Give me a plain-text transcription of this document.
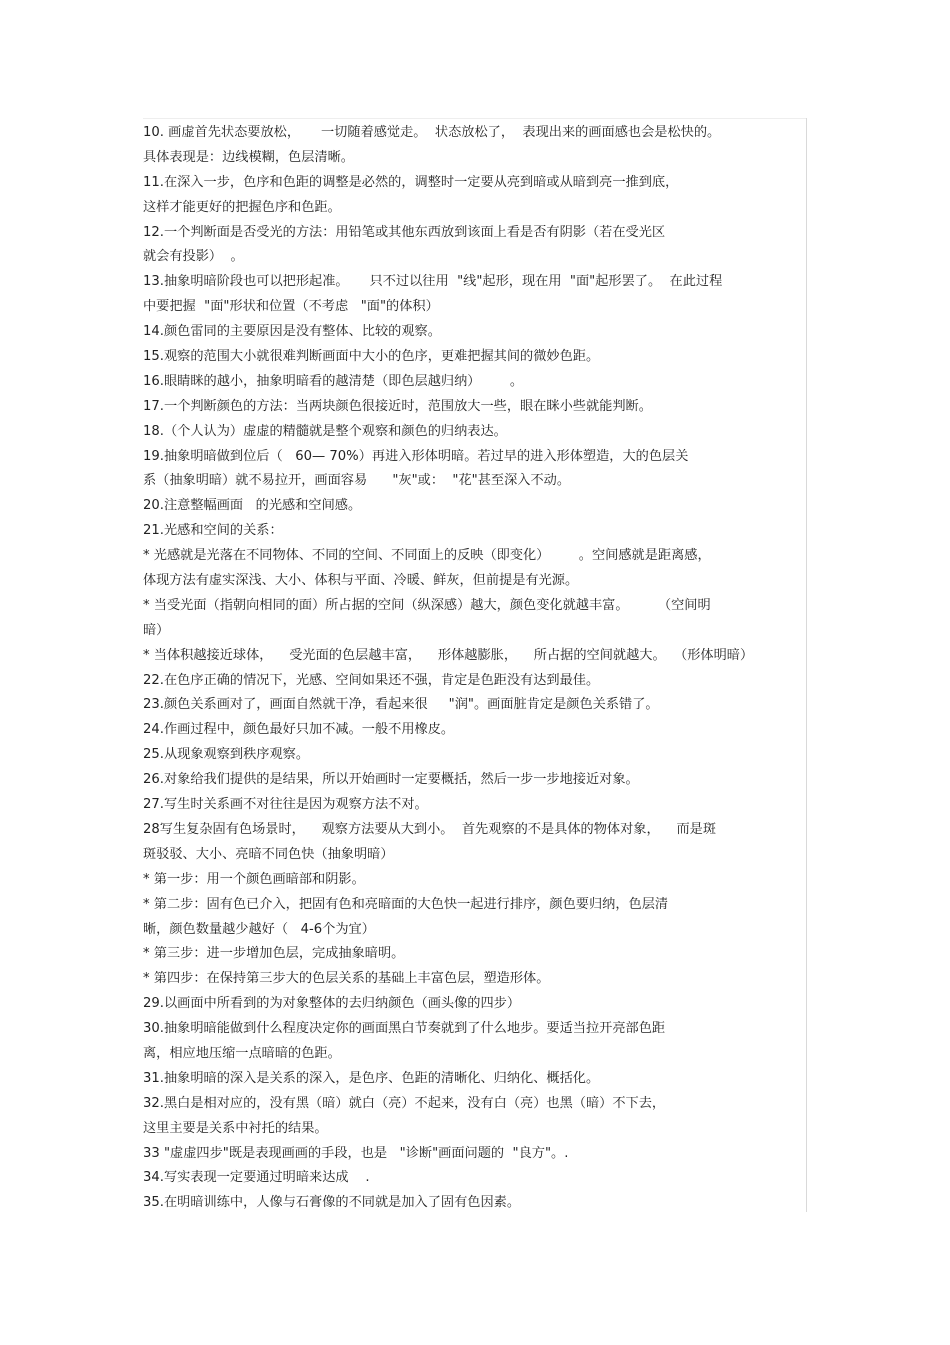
10. 画虚首先状态要放松，     一切随着感觉走。  状态放松了，  表现出来的画面感也会是松快的。
具体表现是：边线模糊，色层清晰。
11.在深入一步，色序和色距的调整是必然的，调整时一定要从亮到暗或从暗到亮一推到底，
这样才能更好的把握色序和色距。
12.一个判断面是否受光的方法：用铅笔或其他东西放到该面上看是否有阴影（若在受光区
就会有投影）  。
13.抽象明暗阶段也可以把形起准。     只不过以往用  "线"起形，现在用  "面"起形罢了。  在此过程
中要把握  "面"形状和位置（不考虑   "面"的体积）
14.颜色雷同的主要原因是没有整体、比较的观察。
15.观察的范围大小就很难判断画面中大小的色序，更难把握其间的微妙色距。
16.眼睛眯的越小，抽象明暗看的越清楚（即色层越归纳）       。
17.一个判断颜色的方法：当两块颜色很接近时，范围放大一些，眼在眯小些就能判断。
18.（个人认为）虚虚的精髓就是整个观察和颜色的归纳表达。
19.抽象明暗做到位后（   60— 70%）再进入形体明暗。若过早的进入形体塑造，大的色层关
系（抽象明暗）就不易拉开，画面容易      "灰"或：  "花"甚至深入不动。
20.注意整幅画面   的光感和空间感。
21.光感和空间的关系：
* 光感就是光落在不同物体、不同的空间、不同面上的反映（即变化）       。空间感就是距离感，
体现方法有虚实深浅、大小、体积与平面、冷暖、鲜灰，但前提是有光源。
* 当受光面（指朝向相同的面）所占据的空间（纵深感）越大，颜色变化就越丰富。       （空间明
暗）
* 当体积越接近球体，    受光面的色层越丰富，    形体越膨胀，    所占据的空间就越大。  （形体明暗）
22.在色序正确的情况下，光感、空间如果还不强，肯定是色距没有达到最佳。
23.颜色关系画对了，画面自然就干净，看起来很     "润"。画面脏肯定是颜色关系错了。
24.作画过程中，颜色最好只加不减。一般不用橡皮。
25.从现象观察到秩序观察。
26.对象给我们提供的是结果，所以开始画时一定要概括，然后一步一步地接近对象。
27.写生时关系画不对往往是因为观察方法不对。
28写生复杂固有色场景时，    观察方法要从大到小。  首先观察的不是具体的物体对象，    而是斑
斑驳驳、大小、亮暗不同色快（抽象明暗）
* 第一步：用一个颜色画暗部和阴影。
* 第二步：固有色已介入，把固有色和亮暗面的大色快一起进行排序，颜色要归纳，色层清
晰，颜色数量越少越好（   4-6个为宜）
* 第三步：进一步增加色层，完成抽象暗明。
* 第四步：在保持第三步大的色层关系的基础上丰富色层，塑造形体。
29.以画面中所看到的为对象整体的去归纳颜色（画头像的四步）
30.抽象明暗能做到什么程度决定你的画面黑白节奏就到了什么地步。要适当拉开亮部色距
离，相应地压缩一点暗暗的色距。
31.抽象明暗的深入是关系的深入，是色序、色距的清晰化、归纳化、概括化。
32.黑白是相对应的，没有黑（暗）就白（亮）不起来，没有白（亮）也黑（暗）不下去，
这里主要是关系中衬托的结果。
33 "虚虚四步"既是表现画画的手段，也是   "诊断"画面问题的  "良方"。.
34.写实表现一定要通过明暗来达成    .
35.在明暗训练中，人像与石膏像的不同就是加入了固有色因素。
